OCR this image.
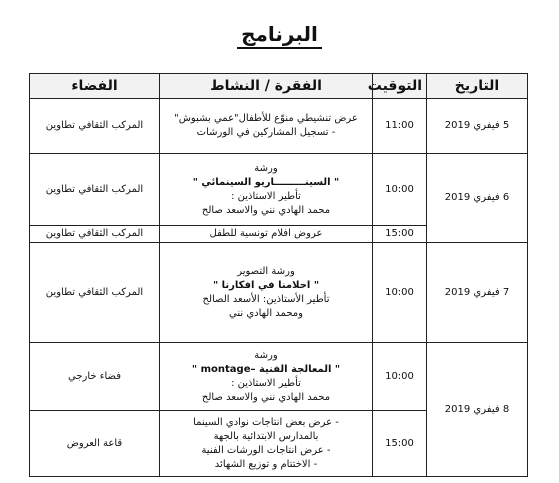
البرنامج
التاريخ	التوقيت	الفقرة / النشاط	الفضاء
5 فيفري 2019	11:00	عرض تنشيطي منوّع للأطفال"عمي بشبوش"
- تسجيل المشاركين في الورشات	المركب الثقافي تطاوين
6 فيفري 2019	10:00	ورشة
" السينـــــــــاريو السينمائي "
تأطير الاستاذين :
محمد الهادي نني والاسعد صالح	المركب الثقافي تطاوين
	15:00	عروض افلام تونسية للطفل	المركب الثقافي تطاوين
7 فيفري 2019	10:00	ورشة التصوير
" احلامنا في افكارنا "
تأطير الأستاذين: الأسعد الصالح
ومحمد الهادي نني	المركب الثقافي تطاوين
8 فيفري 2019	10:00	ورشة
" المعالجة الفنية –montage "
تأطير الاستاذين :
محمد الهادي نني والاسعد صالح	فضاء خارجي
	15:00	- عرض بعض انتاجات نوادي السينما
بالمدارس الابتدائية بالجهة
- عرض انتاجات الورشات الفنية
- الاختتام و توزيع الشهائد	قاعة العروض
